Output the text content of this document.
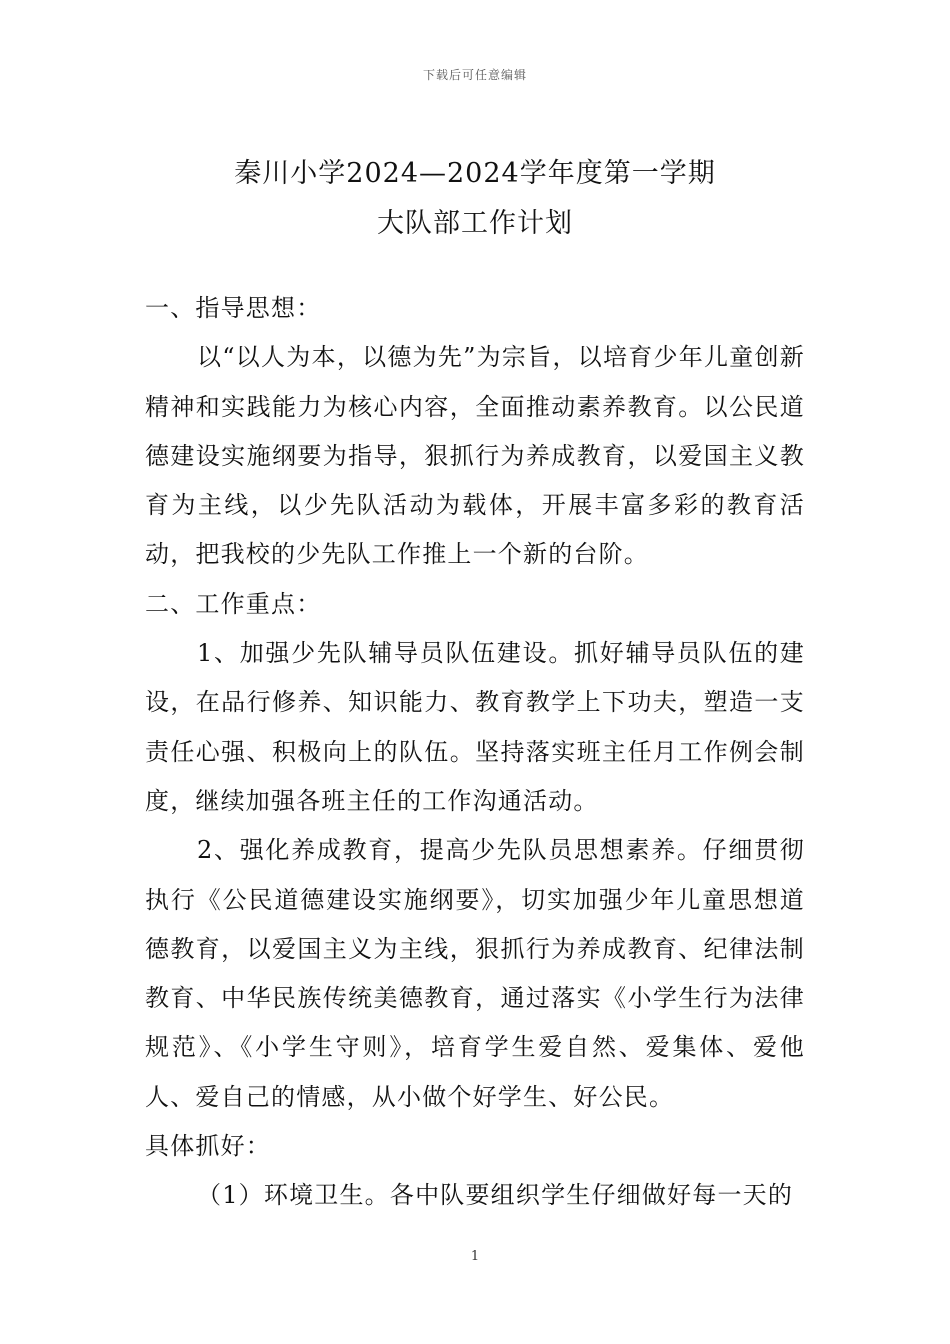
下载后可任意编辑
秦川小学2024—2024学年度第一学期
大队部工作计划

一、指导思想：

以“以人为本，以德为先”为宗旨，以培育少年儿童创新精神和实践能力为核心内容，全面推动素养教育。以公民道德建设实施纲要为指导，狠抓行为养成教育，以爱国主义教育为主线，以少先队活动为载体，开展丰富多彩的教育活动，把我校的少先队工作推上一个新的台阶。

二、工作重点：

1、加强少先队辅导员队伍建设。抓好辅导员队伍的建设，在品行修养、知识能力、教育教学上下功夫，塑造一支责任心强、积极向上的队伍。坚持落实班主任月工作例会制度，继续加强各班主任的工作沟通活动。

2、强化养成教育，提高少先队员思想素养。仔细贯彻执行《公民道德建设实施纲要》，切实加强少年儿童思想道德教育，以爱国主义为主线，狠抓行为养成教育、纪律法制教育、中华民族传统美德教育，通过落实《小学生行为法律规范》、《小学生守则》，培育学生爱自然、爱集体、爱他人、爱自己的情感，从小做个好学生、好公民。

具体抓好：

（1）环境卫生。各中队要组织学生仔细做好每一天的

1
